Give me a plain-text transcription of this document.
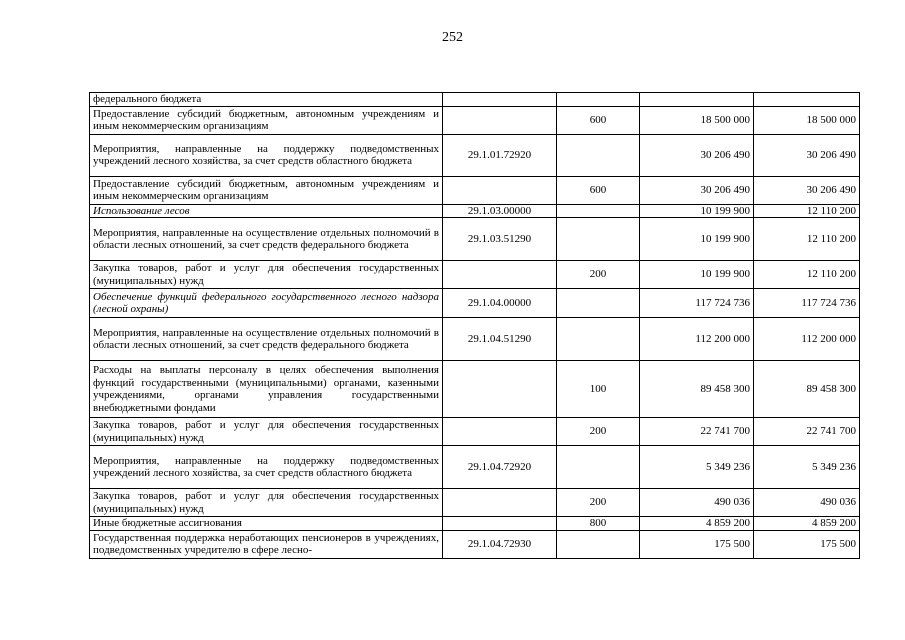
252
федерального бюджета				
Предоставление субсидий бюджетным, автономным учреждениям и иным некоммерческим организациям		600	18 500 000	18 500 000
Мероприятия, направленные на поддержку подведомственных учреждений лесного хозяйства, за счет средств областного бюджета	29.1.01.72920		30 206 490	30 206 490
Предоставление субсидий бюджетным, автономным учреждениям и иным некоммерческим организациям		600	30 206 490	30 206 490
Использование лесов	29.1.03.00000		10 199 900	12 110 200
Мероприятия, направленные на осуществление отдельных полномочий в области лесных отношений, за счет средств федерального бюджета	29.1.03.51290		10 199 900	12 110 200
Закупка товаров, работ и услуг для обеспечения государственных (муниципальных) нужд		200	10 199 900	12 110 200
Обеспечение функций федерального государственного лесного надзора (лесной охраны)	29.1.04.00000		117 724 736	117 724 736
Мероприятия, направленные на осуществление отдельных полномочий в области лесных отношений, за счет средств федерального бюджета	29.1.04.51290		112 200 000	112 200 000
Расходы на выплаты персоналу в целях обеспечения выполнения функций государственными (муниципальными) органами, казенными учреждениями, органами управления государственными внебюджетными фондами		100	89 458 300	89 458 300
Закупка товаров, работ и услуг для обеспечения государственных (муниципальных) нужд		200	22 741 700	22 741 700
Мероприятия, направленные на поддержку подведомственных учреждений лесного хозяйства, за счет средств областного бюджета	29.1.04.72920		5 349 236	5 349 236
Закупка товаров, работ и услуг для обеспечения государственных (муниципальных) нужд		200	490 036	490 036
Иные бюджетные ассигнования		800	4 859 200	4 859 200
Государственная поддержка неработающих пенсионеров в учреждениях, подведомственных учредителю в сфере лесно-	29.1.04.72930		175 500	175 500
